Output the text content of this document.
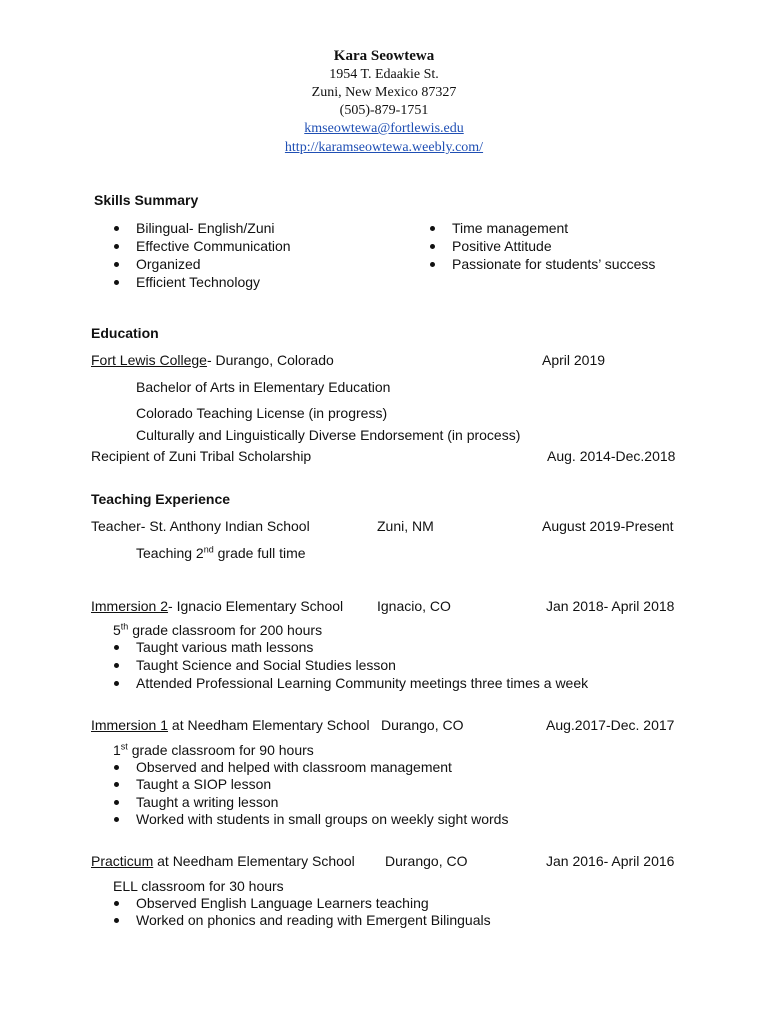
Kara Seowtewa
1954 T. Edaakie St.
Zuni, New Mexico 87327
(505)-879-1751
kmseowtewa@fortlewis.edu
http://karamseowtewa.weebly.com/
Skills Summary
Bilingual- English/Zuni
Effective Communication
Organized
Efficient Technology
Time management
Positive Attitude
Passionate for students’ success
Education
Fort Lewis College- Durango, Colorado	April 2019
Bachelor of Arts in Elementary Education
Colorado Teaching License (in progress)
Culturally and Linguistically Diverse Endorsement (in process)
Recipient of Zuni Tribal Scholarship	Aug. 2014-Dec.2018
Teaching Experience
Teacher- St. Anthony Indian School	Zuni, NM	August 2019-Present
Teaching 2nd grade full time
Immersion 2- Ignacio Elementary School Ignacio, CO	Jan 2018- April 2018
5th grade classroom for 200 hours
Taught various math lessons
Taught Science and Social Studies lesson
Attended Professional Learning Community meetings three times a week
Immersion 1 at Needham Elementary School Durango, CO	Aug.2017-Dec. 2017
1st grade classroom for 90 hours
Observed and helped with classroom management
Taught a SIOP lesson
Taught a writing lesson
Worked with students in small groups on weekly sight words
Practicum at Needham Elementary School Durango, CO	Jan 2016- April 2016
ELL classroom for 30 hours
Observed English Language Learners teaching
Worked on phonics and reading with Emergent Bilinguals
